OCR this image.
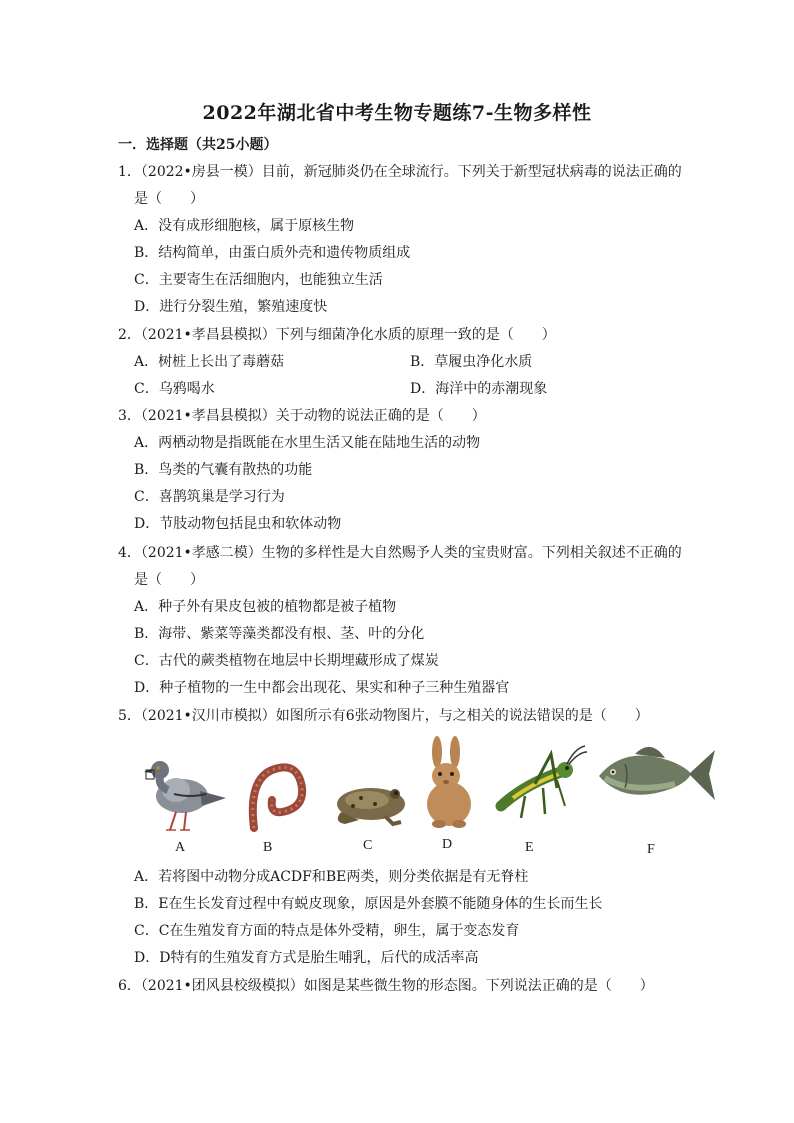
2022年湖北省中考生物专题练7-生物多样性
一．选择题（共25小题）
1．（2022•房县一模）目前，新冠肺炎仍在全球流行。下列关于新型冠状病毒的说法正确的
是（　　）
A．没有成形细胞核，属于原核生物
B．结构简单，由蛋白质外壳和遗传物质组成
C．主要寄生在活细胞内，也能独立生活
D．进行分裂生殖，繁殖速度快
2．（2021•孝昌县模拟）下列与细菌净化水质的原理一致的是（　　）
A．树桩上长出了毒蘑菇	B．草履虫净化水质
C．乌鸦喝水	D．海洋中的赤潮现象
3．（2021•孝昌县模拟）关于动物的说法正确的是（　　）
A．两栖动物是指既能在水里生活又能在陆地生活的动物
B．鸟类的气囊有散热的功能
C．喜鹊筑巢是学习行为
D．节肢动物包括昆虫和软体动物
4．（2021•孝感二模）生物的多样性是大自然赐予人类的宝贵财富。下列相关叙述不正确的
是（　　）
A．种子外有果皮包被的植物都是被子植物
B．海带、紫菜等藻类都没有根、茎、叶的分化
C．古代的蕨类植物在地层中长期埋藏形成了煤炭
D．种子植物的一生中都会出现花、果实和种子三种生殖器官
5．（2021•汉川市模拟）如图所示有6张动物图片，与之相关的说法错误的是（　　）
A	B	C	D	E	F
A．若将图中动物分成ACDF和BE两类，则分类依据是有无脊柱
B．E在生长发育过程中有蜕皮现象，原因是外套膜不能随身体的生长而生长
C．C在生殖发育方面的特点是体外受精，卵生，属于变态发育
D．D特有的生殖发育方式是胎生哺乳，后代的成活率高
6．（2021•团风县校级模拟）如图是某些微生物的形态图。下列说法正确的是（　　）
